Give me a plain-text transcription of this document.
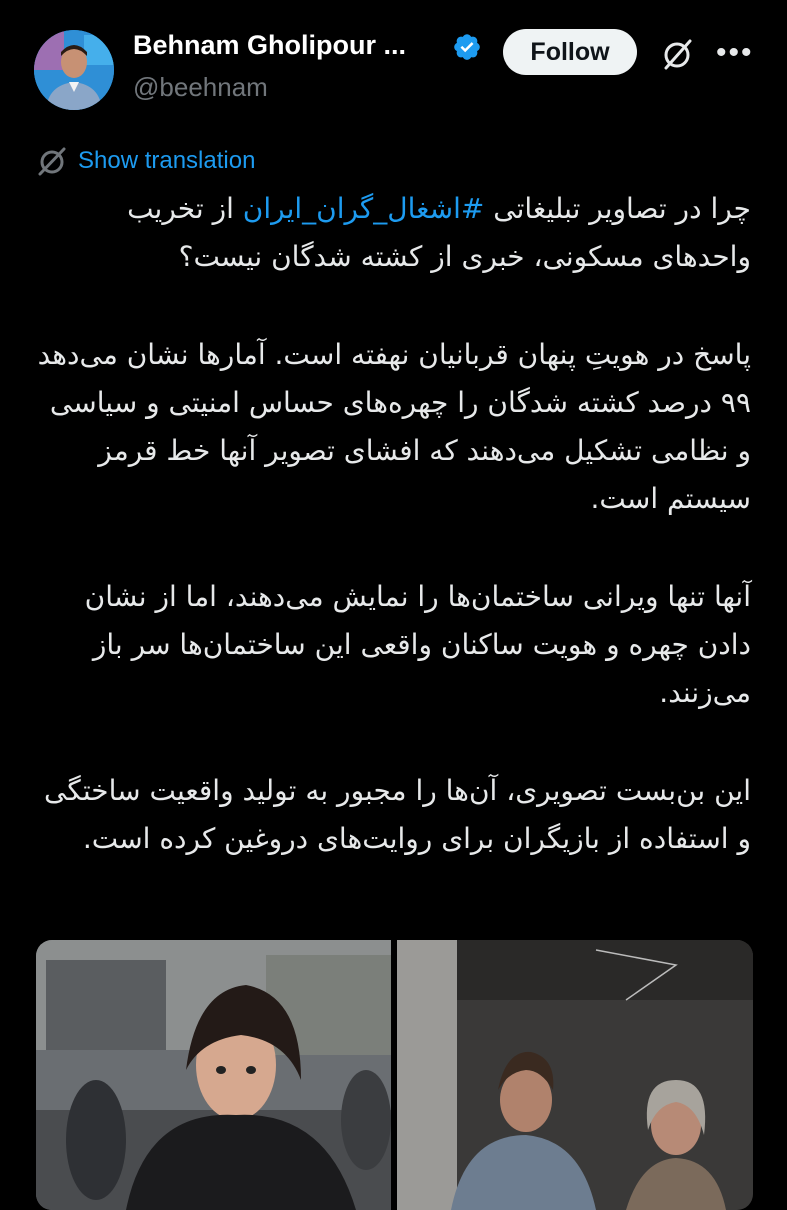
Behnam Gholipour ...
@beehnam
Follow	•••
Show translation

چرا در تصاویر تبلیغاتی #اشغال_گران_ایران از تخریب واحدهای مسکونی، خبری از کشته شدگان نیست؟

پاسخ در هویتِ پنهان قربانیان نهفته است. آمارها نشان می‌دهد ۹۹ درصد کشته شدگان را چهره‌های حساس امنیتی و سیاسی و نظامی تشکیل می‌دهند که افشای تصویر آنها خط قرمز سیستم است.

آنها تنها ویرانی ساختمان‌ها را نمایش می‌دهند، اما از نشان دادن چهره و هویت ساکنان واقعی این ساختمان‌ها سر باز می‌زنند.

این بن‌بست تصویری، آن‌ها را مجبور به تولید واقعیت ساختگی و استفاده از بازیگران برای روایت‌های دروغین کرده است.
